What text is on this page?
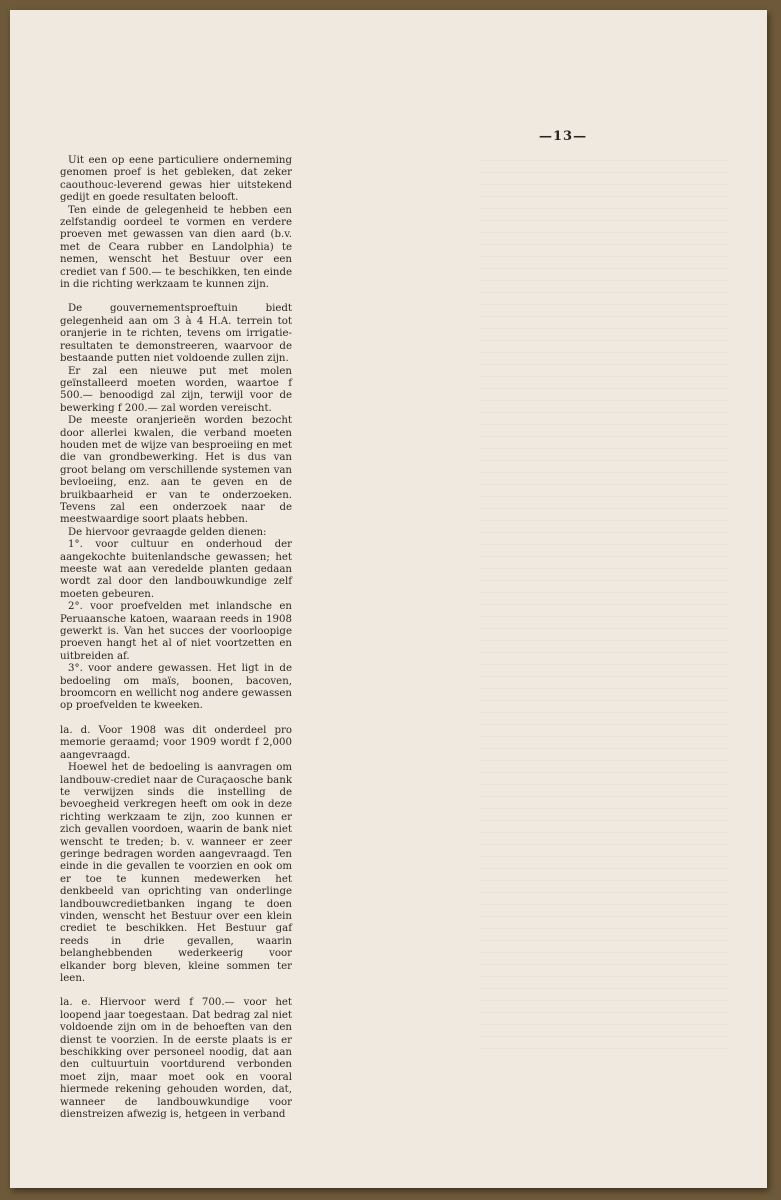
—13—

Uit een op eene particuliere onderneming genomen proef is het gebleken, dat zeker caouthouc-leverend gewas hier uitstekend gedijt en goede resultaten belooft.

Ten einde de gelegenheid te hebben een zelfstandig oordeel te vormen en verdere proeven met gewassen van dien aard (b.v. met de Ceara rubber en Landolphia) te nemen, wenscht het Bestuur over een crediet van f 500.— te beschikken, ten einde in die richting werkzaam te kunnen zijn.

De gouvernementsproeftuin biedt gelegenheid aan om 3 à 4 H.A. terrein tot oranjerie in te richten, tevens om irrigatie-resultaten te demonstreeren, waarvoor de bestaande putten niet voldoende zullen zijn.

Er zal een nieuwe put met molen geïnstalleerd moeten worden, waartoe f 500.— benoodigd zal zijn, terwijl voor de bewerking f 200.— zal worden vereischt.

De meeste oranjerieën worden bezocht door allerlei kwalen, die verband moeten houden met de wijze van besproeiing en met die van grondbewerking. Het is dus van groot belang om verschillende systemen van bevloeiing, enz. aan te geven en de bruikbaarheid er van te onderzoeken. Tevens zal een onderzoek naar de meestwaardige soort plaats hebben.

De hiervoor gevraagde gelden dienen:

1°. voor cultuur en onderhoud der aangekochte buitenlandsche gewassen; het meeste wat aan veredelde planten gedaan wordt zal door den landbouwkundige zelf moeten gebeuren.

2°. voor proefvelden met inlandsche en Peruaansche katoen, waaraan reeds in 1908 gewerkt is. Van het succes der voorloopige proeven hangt het al of niet voortzetten en uitbreiden af.

3°. voor andere gewassen. Het ligt in de bedoeling om maïs, boonen, bacoven, broomcorn en wellicht nog andere gewassen op proefvelden te kweeken.

la. d. Voor 1908 was dit onderdeel pro memorie geraamd; voor 1909 wordt f 2,000 aangevraagd.

Hoewel het de bedoeling is aanvragen om landbouw-crediet naar de Curaçaosche bank te verwijzen sinds die instelling de bevoegheid verkregen heeft om ook in deze richting werkzaam te zijn, zoo kunnen er zich gevallen voordoen, waarin de bank niet wenscht te treden; b. v. wanneer er zeer geringe bedragen worden aangevraagd. Ten einde in die gevallen te voorzien en ook om er toe te kunnen medewerken het denkbeeld van oprichting van onderlinge landbouwcredietbanken ingang te doen vinden, wenscht het Bestuur over een klein crediet te beschikken. Het Bestuur gaf reeds in drie gevallen, waarin belanghebbenden wederkeerig voor elkander borg bleven, kleine sommen ter leen.

la. e. Hiervoor werd f 700.— voor het loopend jaar toegestaan. Dat bedrag zal niet voldoende zijn om in de behoeften van den dienst te voorzien. In de eerste plaats is er beschikking over personeel noodig, dat aan den cultuurtuin voortdurend verbonden moet zijn, maar moet ook en vooral hiermede rekening gehouden worden, dat, wanneer de landbouwkundige voor dienstreizen afwezig is, hetgeen in verband
